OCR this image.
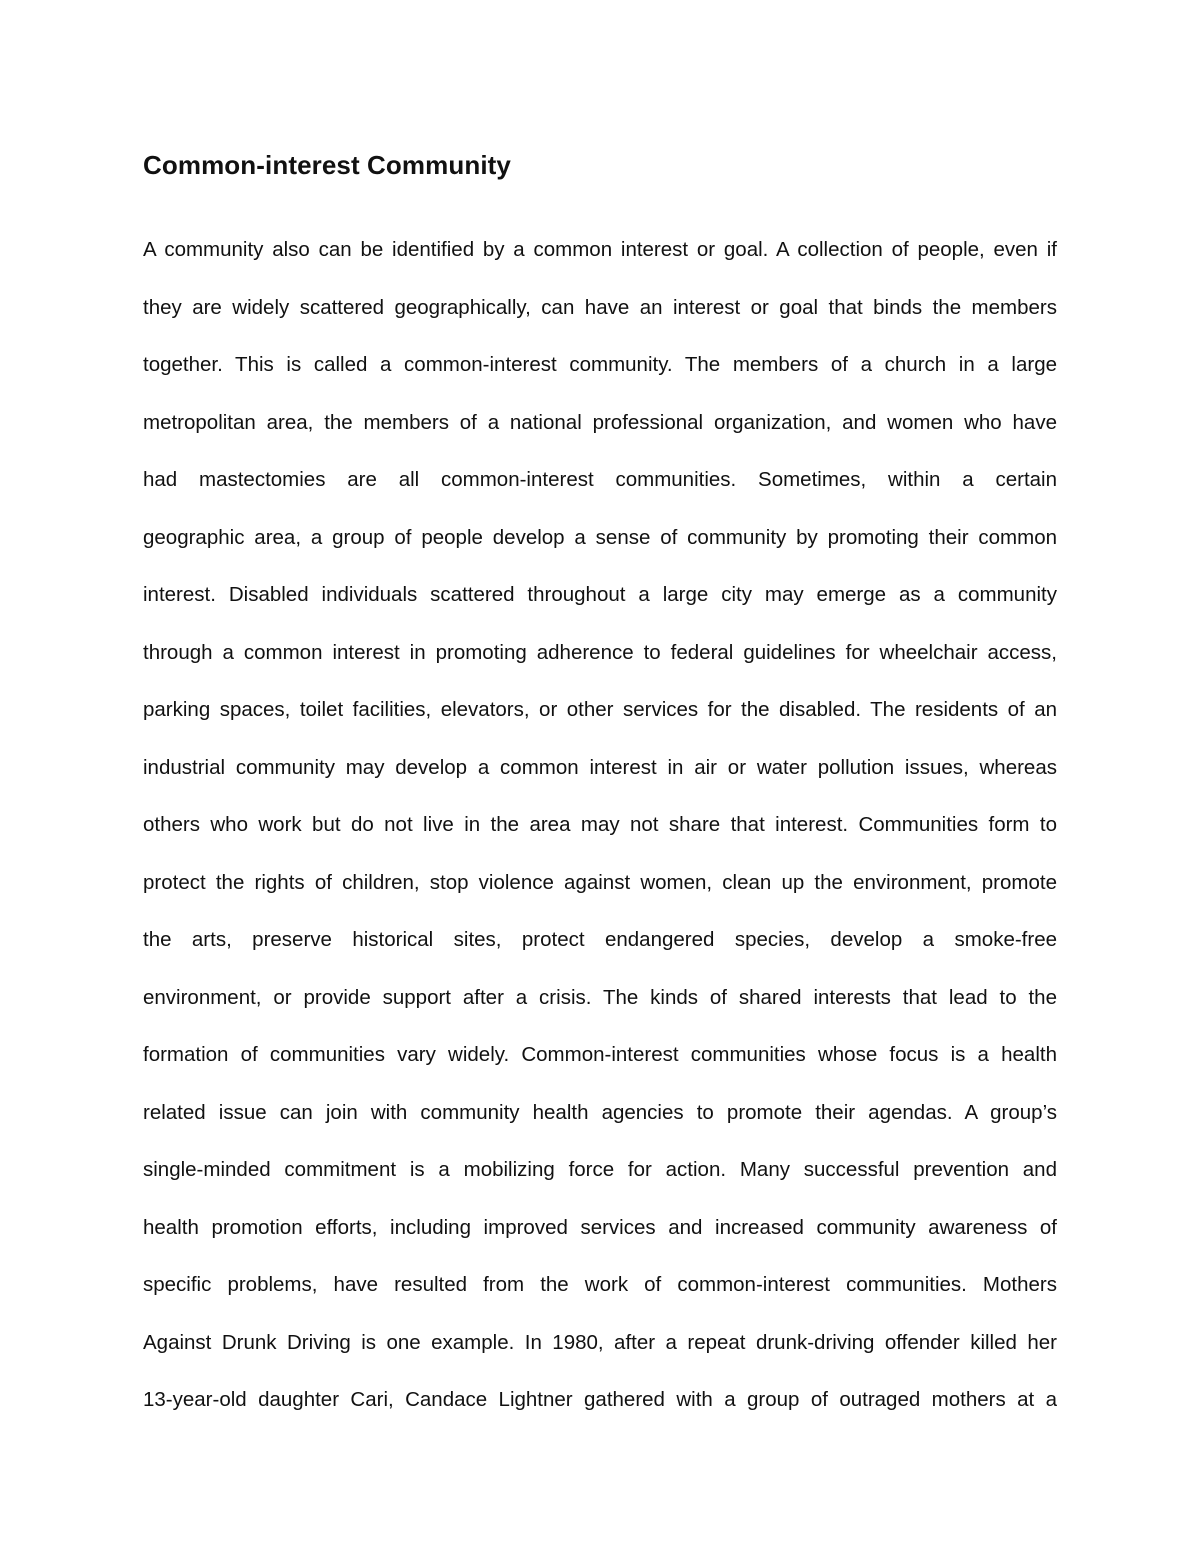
Common-interest Community
A community also can be identified by a common interest or goal. A collection of people, even if
they are widely scattered geographically, can have an interest or goal that binds the members
together. This is called a common-interest community. The members of a church in a large
metropolitan area, the members of a national professional organization, and women who have
had mastectomies are all common-interest communities. Sometimes, within a certain
geographic area, a group of people develop a sense of community by promoting their common
interest. Disabled individuals scattered throughout a large city may emerge as a community
through a common interest in promoting adherence to federal guidelines for wheelchair access,
parking spaces, toilet facilities, elevators, or other services for the disabled. The residents of an
industrial community may develop a common interest in air or water pollution issues, whereas
others who work but do not live in the area may not share that interest. Communities form to
protect the rights of children, stop violence against women, clean up the environment, promote
the arts, preserve historical sites, protect endangered species, develop a smoke-free
environment, or provide support after a crisis. The kinds of shared interests that lead to the
formation of communities vary widely. Common-interest communities whose focus is a health
related issue can join with community health agencies to promote their agendas. A group’s
single-minded commitment is a mobilizing force for action. Many successful prevention and
health promotion efforts, including improved services and increased community awareness of
specific problems, have resulted from the work of common-interest communities. Mothers
Against Drunk Driving is one example. In 1980, after a repeat drunk-driving offender killed her
13-year-old daughter Cari, Candace Lightner gathered with a group of outraged mothers at a
